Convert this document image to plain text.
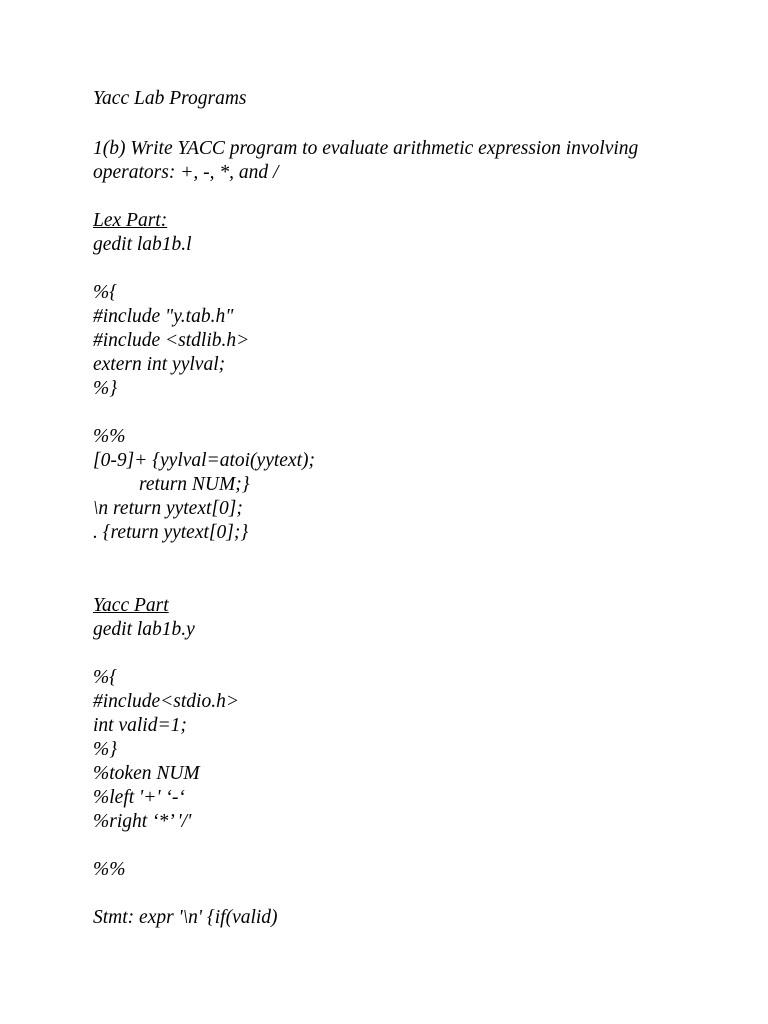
Yacc Lab Programs
1(b) Write YACC program to evaluate arithmetic expression involving
operators: +, -, *, and /
Lex Part:
gedit lab1b.l
%{
#include "y.tab.h"
#include <stdlib.h>
extern int yylval;
%}
%%
[0-9]+ {yylval=atoi(yytext);
return NUM;}
\n return yytext[0];
. {return yytext[0];}
Yacc Part
gedit lab1b.y
%{
#include<stdio.h>
int valid=1;
%}
%token NUM
%left '+' ‘-‘
%right ‘*’ '/'
%%
Stmt: expr '\n' {if(valid)
